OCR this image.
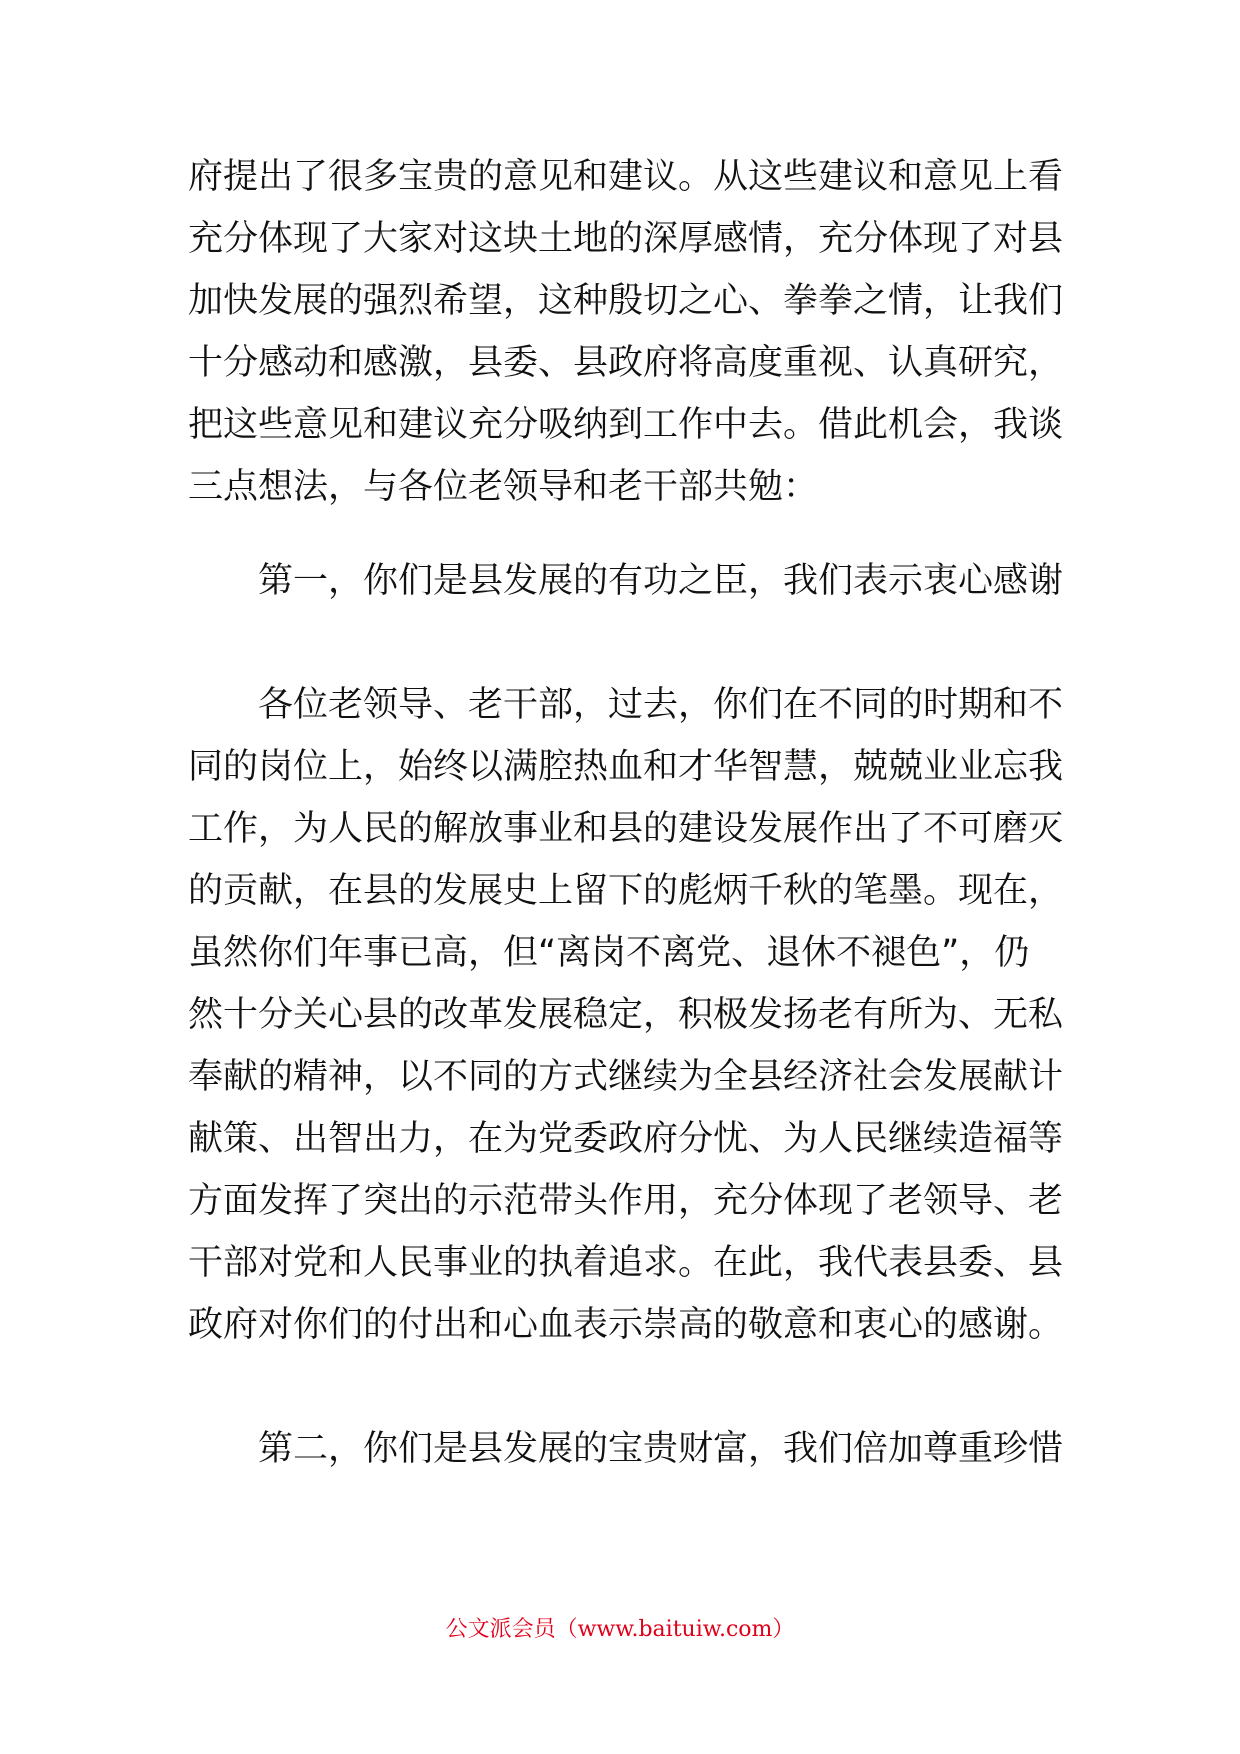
府提出了很多宝贵的意见和建议。从这些建议和意见上看
充分体现了大家对这块土地的深厚感情，充分体现了对县
加快发展的强烈希望，这种殷切之心、拳拳之情，让我们
十分感动和感激，县委、县政府将高度重视、认真研究，
把这些意见和建议充分吸纳到工作中去。借此机会，我谈
三点想法，与各位老领导和老干部共勉：
第一，你们是县发展的有功之臣，我们表示衷心感谢
各位老领导、老干部，过去，你们在不同的时期和不
同的岗位上，始终以满腔热血和才华智慧，兢兢业业忘我
工作，为人民的解放事业和县的建设发展作出了不可磨灭
的贡献，在县的发展史上留下的彪炳千秋的笔墨。现在，
虽然你们年事已高，但“离岗不离党、退休不褪色”，仍
然十分关心县的改革发展稳定，积极发扬老有所为、无私
奉献的精神，以不同的方式继续为全县经济社会发展献计
献策、出智出力，在为党委政府分忧、为人民继续造福等
方面发挥了突出的示范带头作用，充分体现了老领导、老
干部对党和人民事业的执着追求。在此，我代表县委、县
政府对你们的付出和心血表示崇高的敬意和衷心的感谢。
第二，你们是县发展的宝贵财富，我们倍加尊重珍惜
公文派会员（www.baituiw.com）
